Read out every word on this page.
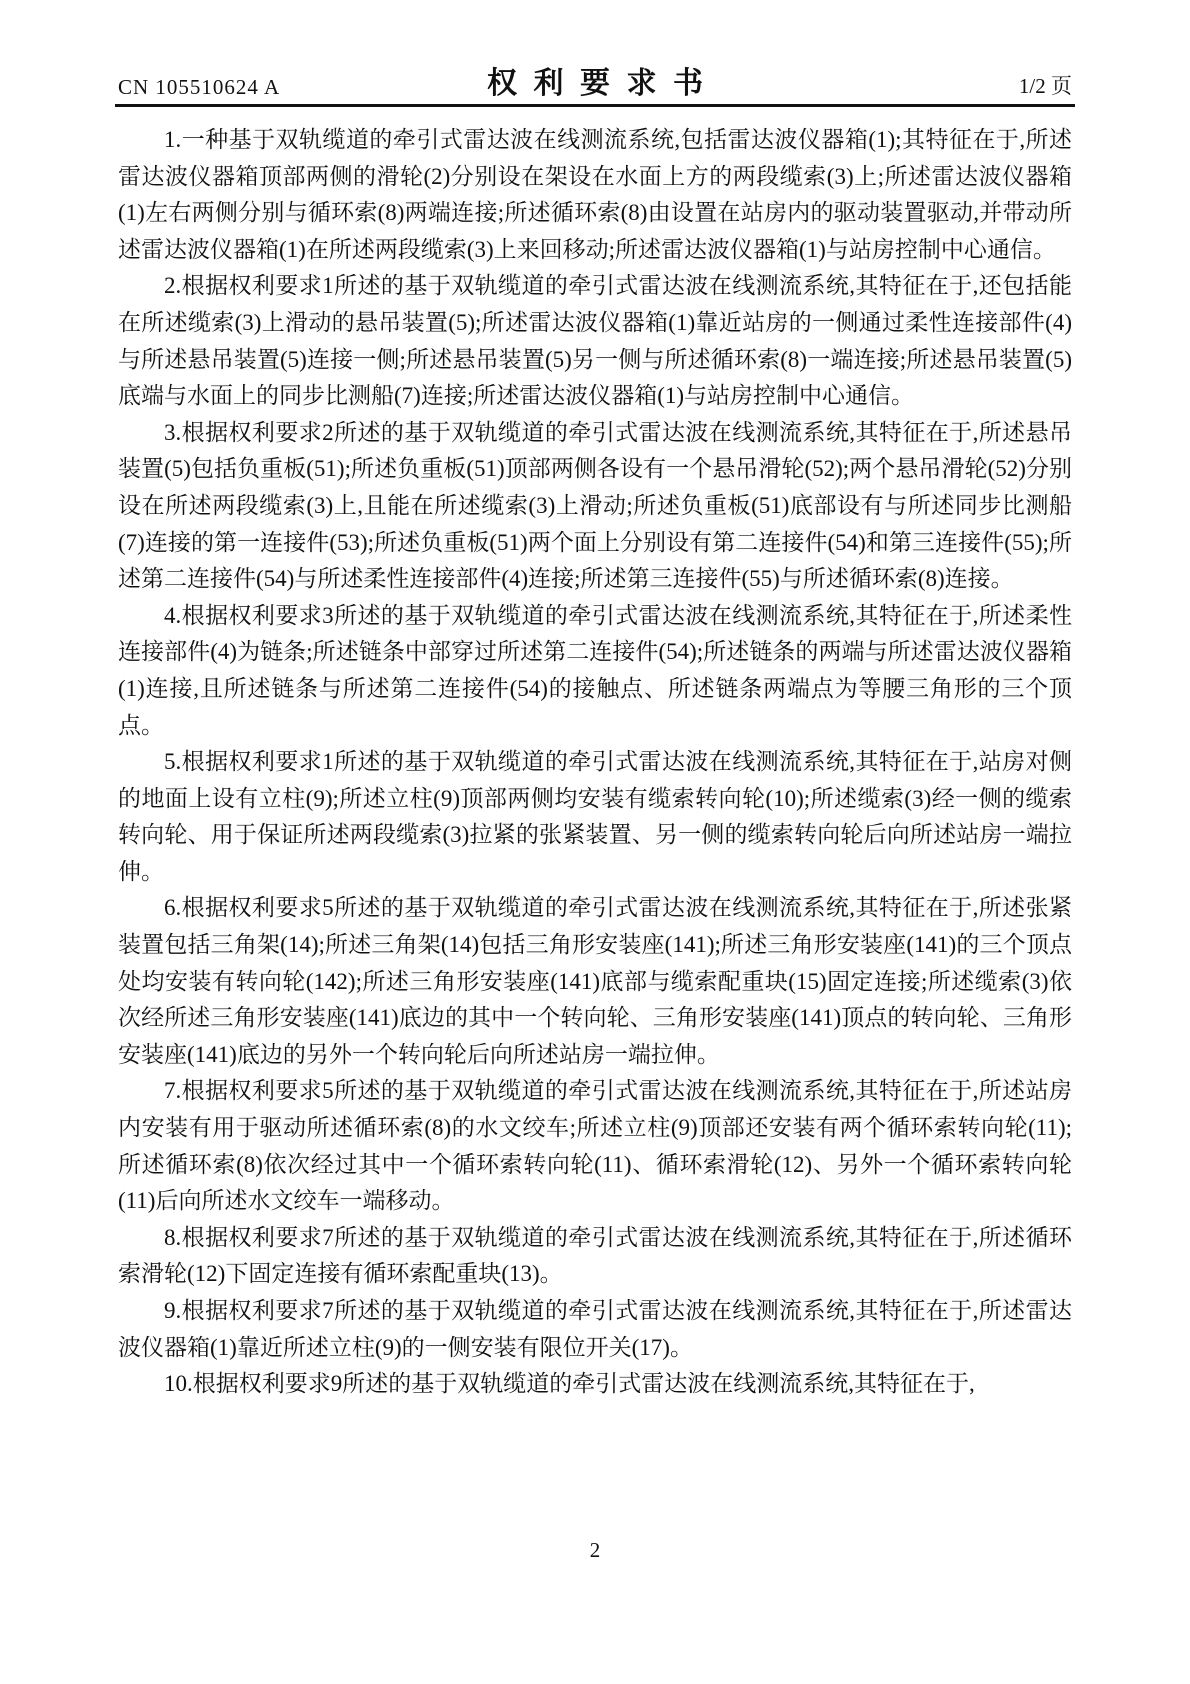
CN 105510624 A	权利要求书	1/2 页

1.一种基于双轨缆道的牵引式雷达波在线测流系统,包括雷达波仪器箱(1);其特征在于,所述雷达波仪器箱顶部两侧的滑轮(2)分别设在架设在水面上方的两段缆索(3)上;所述雷达波仪器箱(1)左右两侧分别与循环索(8)两端连接;所述循环索(8)由设置在站房内的驱动装置驱动,并带动所述雷达波仪器箱(1)在所述两段缆索(3)上来回移动;所述雷达波仪器箱(1)与站房控制中心通信。

2.根据权利要求1所述的基于双轨缆道的牵引式雷达波在线测流系统,其特征在于,还包括能在所述缆索(3)上滑动的悬吊装置(5);所述雷达波仪器箱(1)靠近站房的一侧通过柔性连接部件(4)与所述悬吊装置(5)连接一侧;所述悬吊装置(5)另一侧与所述循环索(8)一端连接;所述悬吊装置(5)底端与水面上的同步比测船(7)连接;所述雷达波仪器箱(1)与站房控制中心通信。

3.根据权利要求2所述的基于双轨缆道的牵引式雷达波在线测流系统,其特征在于,所述悬吊装置(5)包括负重板(51);所述负重板(51)顶部两侧各设有一个悬吊滑轮(52);两个悬吊滑轮(52)分别设在所述两段缆索(3)上,且能在所述缆索(3)上滑动;所述负重板(51)底部设有与所述同步比测船(7)连接的第一连接件(53);所述负重板(51)两个面上分别设有第二连接件(54)和第三连接件(55);所述第二连接件(54)与所述柔性连接部件(4)连接;所述第三连接件(55)与所述循环索(8)连接。

4.根据权利要求3所述的基于双轨缆道的牵引式雷达波在线测流系统,其特征在于,所述柔性连接部件(4)为链条;所述链条中部穿过所述第二连接件(54);所述链条的两端与所述雷达波仪器箱(1)连接,且所述链条与所述第二连接件(54)的接触点、所述链条两端点为等腰三角形的三个顶点。

5.根据权利要求1所述的基于双轨缆道的牵引式雷达波在线测流系统,其特征在于,站房对侧的地面上设有立柱(9);所述立柱(9)顶部两侧均安装有缆索转向轮(10);所述缆索(3)经一侧的缆索转向轮、用于保证所述两段缆索(3)拉紧的张紧装置、另一侧的缆索转向轮后向所述站房一端拉伸。

6.根据权利要求5所述的基于双轨缆道的牵引式雷达波在线测流系统,其特征在于,所述张紧装置包括三角架(14);所述三角架(14)包括三角形安装座(141);所述三角形安装座(141)的三个顶点处均安装有转向轮(142);所述三角形安装座(141)底部与缆索配重块(15)固定连接;所述缆索(3)依次经所述三角形安装座(141)底边的其中一个转向轮、三角形安装座(141)顶点的转向轮、三角形安装座(141)底边的另外一个转向轮后向所述站房一端拉伸。

7.根据权利要求5所述的基于双轨缆道的牵引式雷达波在线测流系统,其特征在于,所述站房内安装有用于驱动所述循环索(8)的水文绞车;所述立柱(9)顶部还安装有两个循环索转向轮(11);所述循环索(8)依次经过其中一个循环索转向轮(11)、循环索滑轮(12)、另外一个循环索转向轮(11)后向所述水文绞车一端移动。

8.根据权利要求7所述的基于双轨缆道的牵引式雷达波在线测流系统,其特征在于,所述循环索滑轮(12)下固定连接有循环索配重块(13)。

9.根据权利要求7所述的基于双轨缆道的牵引式雷达波在线测流系统,其特征在于,所述雷达波仪器箱(1)靠近所述立柱(9)的一侧安装有限位开关(17)。

10.根据权利要求9所述的基于双轨缆道的牵引式雷达波在线测流系统,其特征在于,

2
